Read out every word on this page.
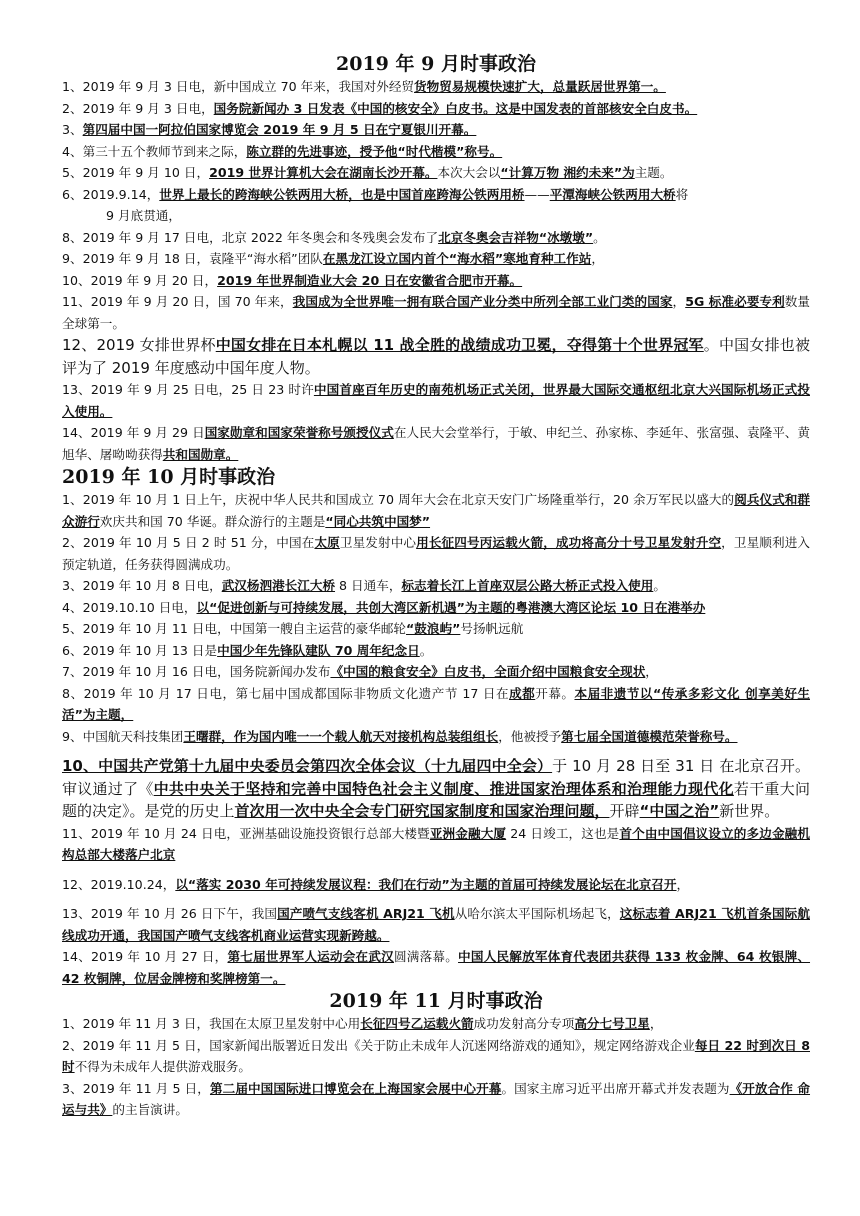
2019 年 9 月时事政治

1、2019 年 9 月 3 日电，新中国成立 70 年来，我国对外经贸货物贸易规模快速扩大，总量跃居世界第一。

2、2019 年 9 月 3 日电，国务院新闻办 3 日发表《中国的核安全》白皮书。这是中国发表的首部核安全白皮书。

3、第四届中国一阿拉伯国家博览会 2019 年 9 月 5 日在宁夏银川开幕。

4、第三十五个教师节到来之际，陈立群的先进事迹，授予他“时代楷模”称号。

5、2019 年 9 月 10 日，2019 世界计算机大会在湖南长沙开幕。本次大会以“计算万物 湘约未来”为主题。

6、2019.9.14，世界上最长的跨海峡公铁两用大桥，也是中国首座跨海公铁两用桥——平潭海峡公铁两用大桥将

9 月底贯通，

8、2019 年 9 月 17 日电，北京 2022 年冬奥会和冬残奥会发布了北京冬奥会吉祥物“冰墩墩”。

9、2019 年 9 月 18 日，袁隆平“海水稻”团队在黑龙江设立国内首个“海水稻”寒地育种工作站，

10、2019 年 9 月 20 日，2019 年世界制造业大会 20 日在安徽省合肥市开幕。

11、2019 年 9 月 20 日，国 70 年来，我国成为全世界唯一拥有联合国产业分类中所列全部工业门类的国家，5G 标准必要专利数量全球第一。

12、2019 女排世界杯中国女排在日本札幌以 11 战全胜的战绩成功卫冕，夺得第十个世界冠军。中国女排也被评为了 2019 年度感动中国年度人物。

13、2019 年 9 月 25 日电，25 日 23 时许中国首座百年历史的南苑机场正式关闭，世界最大国际交通枢纽北京大兴国际机场正式投入使用。

14、2019 年 9 月 29 日国家勋章和国家荣誉称号颁授仪式在人民大会堂举行，于敏、申纪兰、孙家栋、李延年、张富强、袁隆平、黄旭华、屠呦呦获得共和国勋章。

2019 年 10 月时事政治

1、2019 年 10 月 1 日上午，庆祝中华人民共和国成立 70 周年大会在北京天安门广场隆重举行，20 余万军民以盛大的阅兵仪式和群众游行欢庆共和国 70 华诞。群众游行的主题是“同心共筑中国梦”

2、2019 年 10 月 5 日 2 时 51 分，中国在太原卫星发射中心用长征四号丙运载火箭，成功将高分十号卫星发射升空，卫星顺利进入预定轨道，任务获得圆满成功。

3、2019 年 10 月 8 日电，武汉杨泗港长江大桥 8 日通车，标志着长江上首座双层公路大桥正式投入使用。

4、2019.10.10 日电，以“促进创新与可持续发展，共创大湾区新机遇”为主题的粤港澳大湾区论坛 10 日在港举办

5、2019 年 10 月 11 日电，中国第一艘自主运营的豪华邮轮“鼓浪屿”号扬帆远航

6、2019 年 10 月 13 日是中国少年先锋队建队 70 周年纪念日。

7、2019 年 10 月 16 日电，国务院新闻办发布《中国的粮食安全》白皮书，全面介绍中国粮食安全现状，

8、2019 年 10 月 17 日电，第七届中国成都国际非物质文化遗产节 17 日在成都开幕。本届非遗节以“传承多彩文化 创享美好生活”为主题，

9、中国航天科技集团王曙群，作为国内唯一一个载人航天对接机构总装组组长，他被授予第七届全国道德模范荣誉称号。

10、中国共产党第十九届中央委员会第四次全体会议（十九届四中全会）于 10 月 28 日至 31 日 在北京召开。审议通过了《中共中央关于坚持和完善中国特色社会主义制度、推进国家治理体系和治理能力现代化若干重大问题的决定》。是党的历史上首次用一次中央全会专门研究国家制度和国家治理问题，开辟“中国之治”新世界。

11、2019 年 10 月 24 日电，亚洲基础设施投资银行总部大楼暨亚洲金融大厦 24 日竣工，这也是首个由中国倡议设立的多边金融机构总部大楼落户北京

12、2019.10.24，以“落实 2030 年可持续发展议程：我们在行动”为主题的首届可持续发展论坛在北京召开，

13、2019 年 10 月 26 日下午，我国国产喷气支线客机 ARJ21 飞机从哈尔滨太平国际机场起飞，这标志着 ARJ21 飞机首条国际航线成功开通，我国国产喷气支线客机商业运营实现新跨越。

14、2019 年 10 月 27 日，第七届世界军人运动会在武汉圆满落幕。中国人民解放军体育代表团共获得 133 枚金牌、64 枚银牌、42 枚铜牌，位居金牌榜和奖牌榜第一。

2019 年 11 月时事政治

1、2019 年 11 月 3 日，我国在太原卫星发射中心用长征四号乙运载火箭成功发射高分专项高分七号卫星，

2、2019 年 11 月 5 日，国家新闻出版署近日发出《关于防止未成年人沉迷网络游戏的通知》，规定网络游戏企业每日 22 时到次日 8 时不得为未成年人提供游戏服务。

3、2019 年 11 月 5 日，第二届中国国际进口博览会在上海国家会展中心开幕。国家主席习近平出席开幕式并发表题为《开放合作 命运与共》的主旨演讲。
